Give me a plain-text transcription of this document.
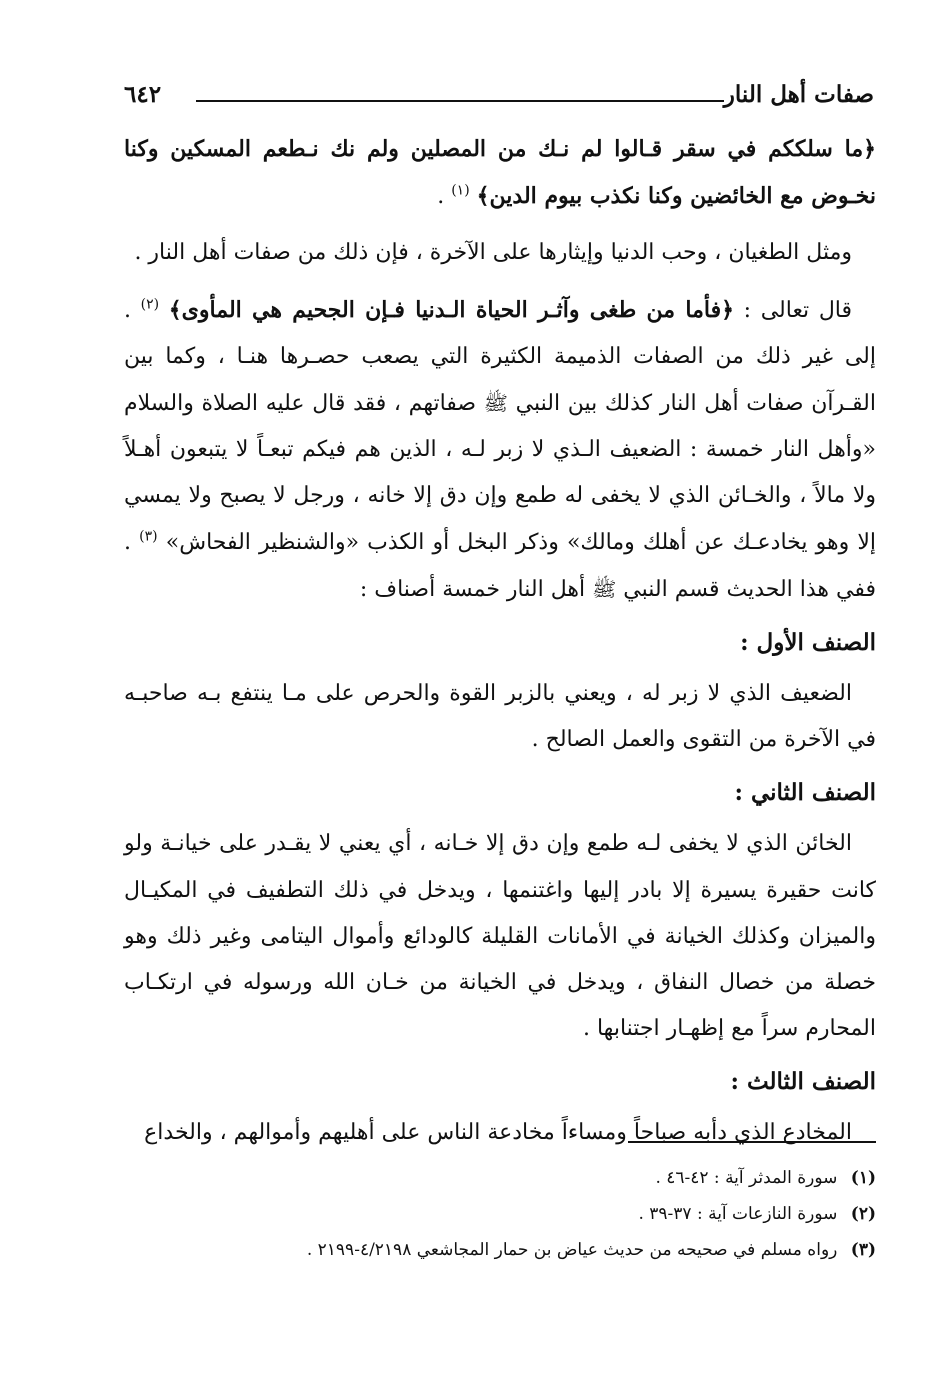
صفات أهل النار
٦٤٢

﴿ما سلككم في سقر قـالوا لم نـك من المصلين ولم نك نـطعم المسكين وكنا نخـوض مع الخائضين وكنا نكذب بيوم الدين﴾ $^{(١)}$ .

ومثل الطغيان ، وحب الدنيا وإيثارها على الآخرة ، فإن ذلك من صفات أهل النار .

قال تعالى : ﴿فأما من طغى وآثـر الحياة الـدنيا فـإن الجحيم هي المأوى﴾ $^{(٢)}$ . إلى غير ذلك من الصفات الذميمة الكثيرة التي يصعب حصـرها هنـا ، وكما بين القـرآن صفات أهل النار كذلك بين النبي ﷺ صفاتهم ، فقد قال عليه الصلاة والسلام «وأهل النار خمسة : الضعيف الـذي لا زبر لـه ، الذين هم فيكم تبعـاً لا يتبعون أهـلاً ولا مالاً ، والخـائن الذي لا يخفى له طمع وإن دق إلا خانه ، ورجل لا يصبح ولا يمسي إلا وهو يخادعـك عن أهلك ومالك» وذكر البخل أو الكذب «والشنظير الفحاش» $^{(٣)}$ . ففي هذا الحديث قسم النبي ﷺ أهل النار خمسة أصناف :

الصنف الأول :

الضعيف الذي لا زبر له ، ويعني بالزبر القوة والحرص على مـا ينتفع بـه صاحبـه في الآخرة من التقوى والعمل الصالح .

الصنف الثاني :

الخائن الذي لا يخفى لـه طمع وإن دق إلا خـانه ، أي يعني لا يقـدر على خيانـة ولو كانت حقيرة يسيرة إلا بادر إليها واغتنمها ، ويدخل في ذلك التطفيف في المكيـال والميزان وكذلك الخيانة في الأمانات القليلة كالودائع وأموال اليتامى وغير ذلك وهو خصلة من خصال النفاق ، ويدخل في الخيانة من خـان الله ورسوله في ارتكـاب المحارم سراً مع إظهـار اجتنابها .

الصنف الثالث :

المخادع الذي دأبه صباحاً ومساءاً مخادعة الناس على أهليهم وأموالهم ، والخداع

(١) سورة المدثر آية : ٤٢-٤٦ .
(٢) سورة النازعات آية : ٣٧-٣٩ .
(٣) رواه مسلم في صحيحه من حديث عياض بن حمار المجاشعي ٤/٢١٩٨-٢١٩٩ .
